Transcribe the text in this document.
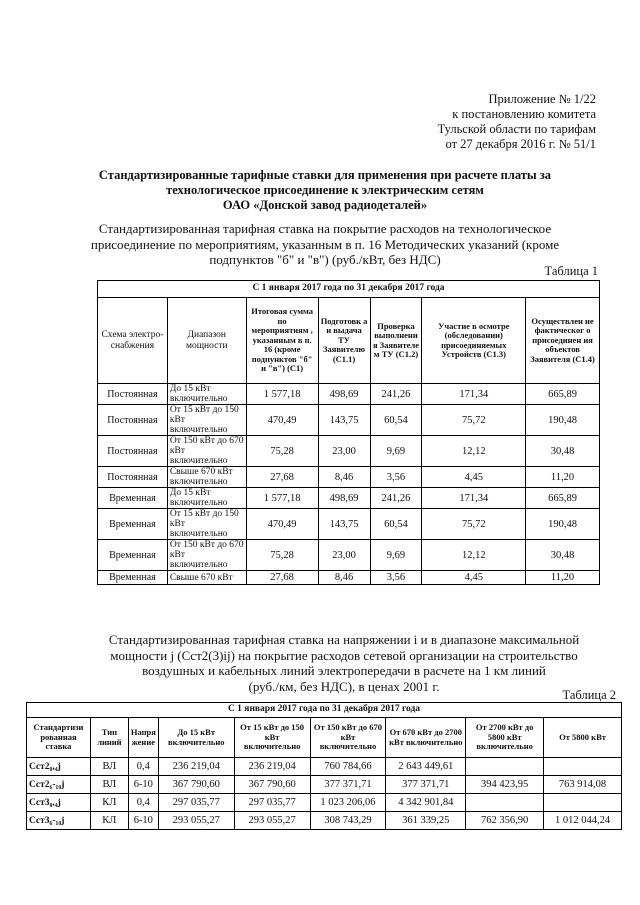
Приложение № 1/22
к постановлению комитета
Тульской области по тарифам
от 27 декабря 2016 г. № 51/1
Стандартизированные тарифные ставки для применения при расчете платы за
технологическое присоединение к электрическим сетям
ОАО «Донской завод радиодеталей»
Стандартизированная тарифная ставка на покрытие расходов на технологическое
присоединение по мероприятиям, указанным в п. 16 Методических указаний (кроме
подпунктов "б" и "в") (руб./кВт, без НДС)
Таблица 1
С 1 января 2017 года по 31 декабря 2017 года						
Схема электро-снабжения	Диапазон мощности	Итоговая сумма по мероприятиям , указанным в п. 16 (кроме подпунктов "б" и "в") (С1)	Подготовк а и выдача ТУ Заявителю (С1.1)	Проверка выполнени я Заявителе м ТУ (С1.2)	Участие в осмотре (обследовании) присоединяемых Устройств (С1.3)	Осуществлен ие фактическог о присоединен ия объектов Заявителя (С1.4)
Постоянная	До 15 кВт включительно	1 577,18	498,69	241,26	171,34	665,89
Постоянная	От 15 кВт до 150 кВт включительно	470,49	143,75	60,54	75,72	190,48
Постоянная	От 150 кВт до 670 кВт включительно	75,28	23,00	9,69	12,12	30,48
Постоянная	Свыше 670 кВт включительно	27,68	8,46	3,56	4,45	11,20
Временная	До 15 кВт включительно	1 577,18	498,69	241,26	171,34	665,89
Временная	От 15 кВт до 150 кВт включительно	470,49	143,75	60,54	75,72	190,48
Временная	От 150 кВт до 670 кВт включительно	75,28	23,00	9,69	12,12	30,48
Временная	Свыше 670 кВт	27,68	8,46	3,56	4,45	11,20
Стандартизированная тарифная ставка на напряжении i и в диапазоне максимальной
мощности j (Cст2(3)ij) на покрытие расходов сетевой организации на строительство
воздушных и кабельных линий электропередачи в расчете на 1 км линий
(руб./км, без НДС), в ценах 2001 г.
Таблица 2
С 1 января 2017 года по 31 декабря 2017 года								
Стандартизи рованная ставка	Тип линий	Напря жение	До 15 кВт включительно	От 15 кВт до 150 кВт включительно	От 150 кВт до 670 кВт включительно	От 670 кВт до 2700 кВт включительно	От 2700 кВт до 5800 кВт включительно	От 5800 кВт
Cст2₀,₄j	ВЛ	0,4	236 219,04	236 219,04	760 784,66	2 643 449,61		
Cст2₆-₁₀j	ВЛ	6-10	367 790,60	367 790,60	377 371,71	377 371,71	394 423,95	763 914,08
Cст3₀,₄j	КЛ	0,4	297 035,77	297 035,77	1 023 206,06	4 342 901,84		
Cст3₆-₁₀j	КЛ	6-10	293 055,27	293 055,27	308 743,29	361 339,25	762 356,90	1 012 044,24
